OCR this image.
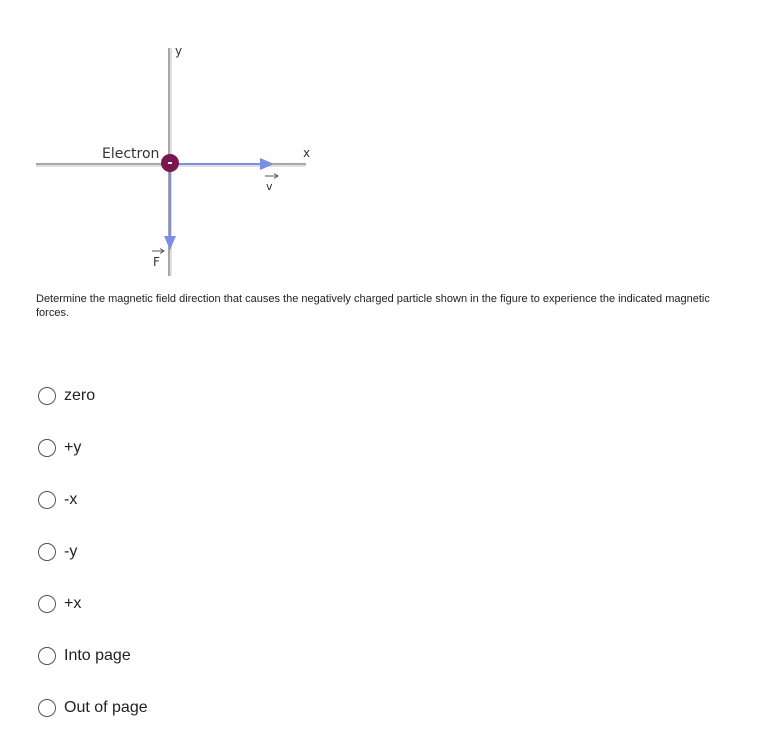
-
Electron
y
x
v
F
Determine the magnetic field direction that causes the negatively charged particle shown in the figure to experience the indicated magnetic forces.
zero
+y
-x
-y
+x
Into page
Out of page
